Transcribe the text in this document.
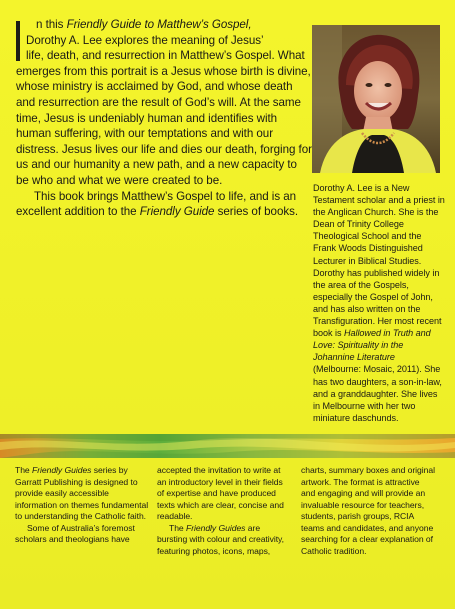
n this Friendly Guide to Matthew’s Gospel,
Dorothy A. Lee explores the meaning of Jesus’
life, death, and resurrection in Matthew’s Gospel. What emerges from this portrait is a Jesus whose birth is divine, whose ministry is acclaimed by God, and whose death and resurrection are the result of God’s will. At the same time, Jesus is undeniably human and identifies with human suffering, with our temptations and with our distress. Jesus lives our life and dies our death, forging for us and our humanity a new path, and a new capacity to be who and what we were created to be.

This book brings Matthew’s Gospel to life, and is an excellent addition to the Friendly Guide series of books.

Dorothy A. Lee is a New Testament scholar and a priest in the Anglican Church. She is the Dean of Trinity College Theological School and the Frank Woods Distinguished Lecturer in Biblical Studies. Dorothy has published widely in the area of the Gospels, especially the Gospel of John, and has also written on the Transfiguration. Her most recent book is Hallowed in Truth and Love: Spirituality in the Johannine Literature (Melbourne: Mosaic, 2011). She has two daughters, a son-in-law, and a granddaughter. She lives in Melbourne with her two miniature daschunds.

The Friendly Guides series by Garratt Publishing is designed to provide easily accessible information on themes fundamental to understanding the Catholic faith.

Some of Australia’s foremost scholars and theologians have

accepted the invitation to write at an introductory level in their fields of expertise and have produced texts which are clear, concise and readable.

The Friendly Guides are bursting with colour and creativity, featuring photos, icons, maps,

charts, summary boxes and original artwork. The format is attractive and engaging and will provide an invaluable resource for teachers, students, parish groups, RCIA teams and candidates, and anyone searching for a clear explanation of Catholic tradition.
